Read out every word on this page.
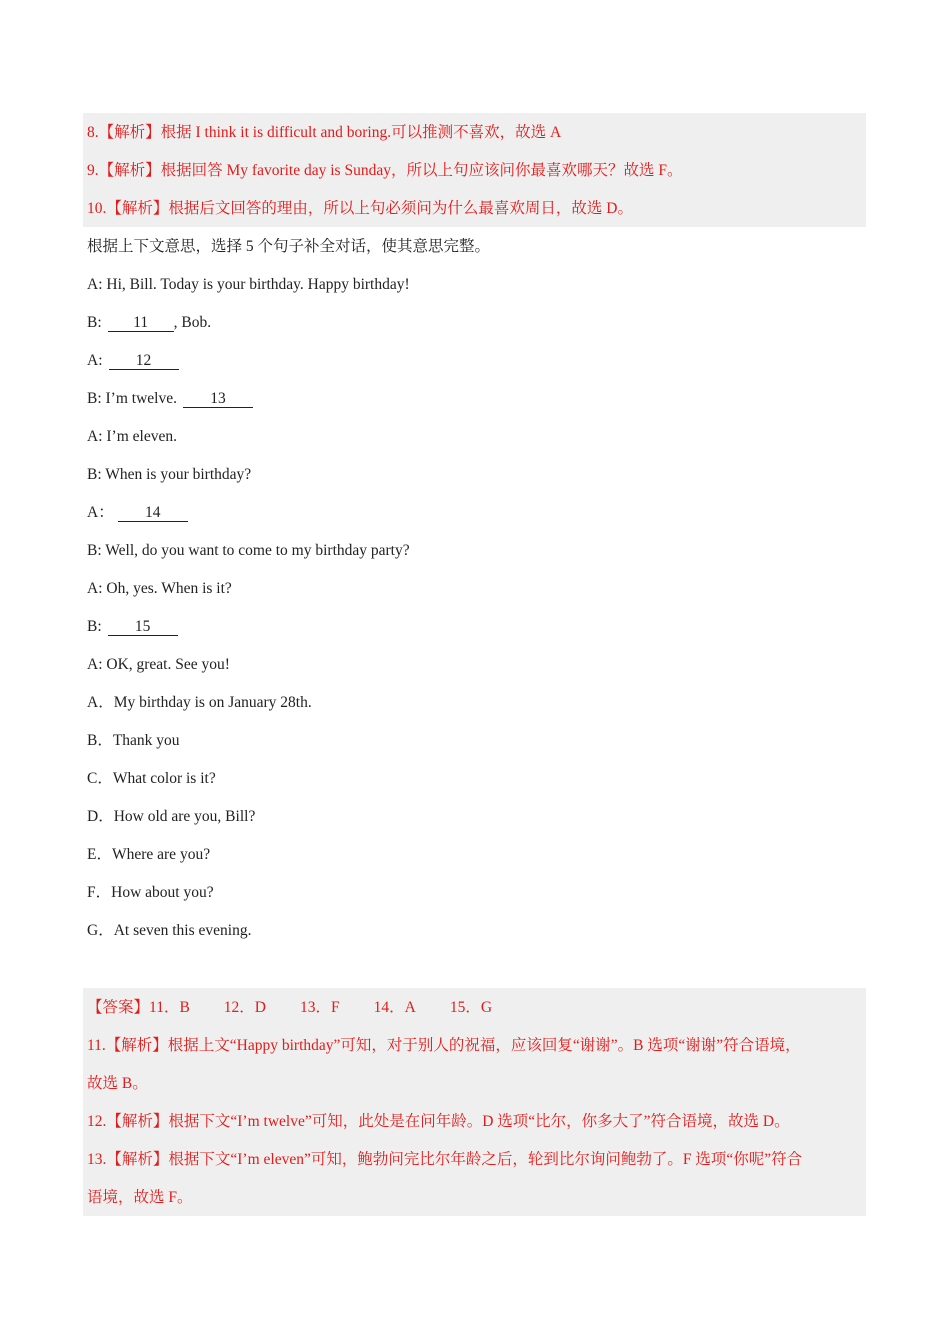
8.【解析】根据 I think it is difficult and boring.可以推测不喜欢，故选 A
9.【解析】根据回答 My favorite day is Sunday，所以上句应该问你最喜欢哪天？故选 F。
10.【解析】根据后文回答的理由，所以上句必须问为什么最喜欢周日，故选 D。
根据上下文意思，选择 5 个句子补全对话，使其意思完整。
A: Hi, Bill. Today is your birthday. Happy birthday!
B: 11 , Bob.
A: 12
B: I’m twelve. 13
A: I’m eleven.
B: When is your birthday?
A： 14
B: Well, do you want to come to my birthday party?
A: Oh, yes. When is it?
B: 15
A: OK, great. See you!
A．My birthday is on January 28th.
B．Thank you
C．What color is it?
D．How old are you, Bill?
E．Where are you?
F．How about you?
G．At seven this evening.
【答案】11．B 12．D 13．F 14．A 15．G
11.【解析】根据上文“Happy birthday”可知，对于别人的祝福，应该回复“谢谢”。B 选项“谢谢”符合语境，
故选 B。
12.【解析】根据下文“I’m twelve”可知，此处是在问年龄。D 选项“比尔，你多大了”符合语境，故选 D。
13.【解析】根据下文“I’m eleven”可知，鲍勃问完比尔年龄之后，轮到比尔询问鲍勃了。F 选项“你呢”符合
语境，故选 F。
